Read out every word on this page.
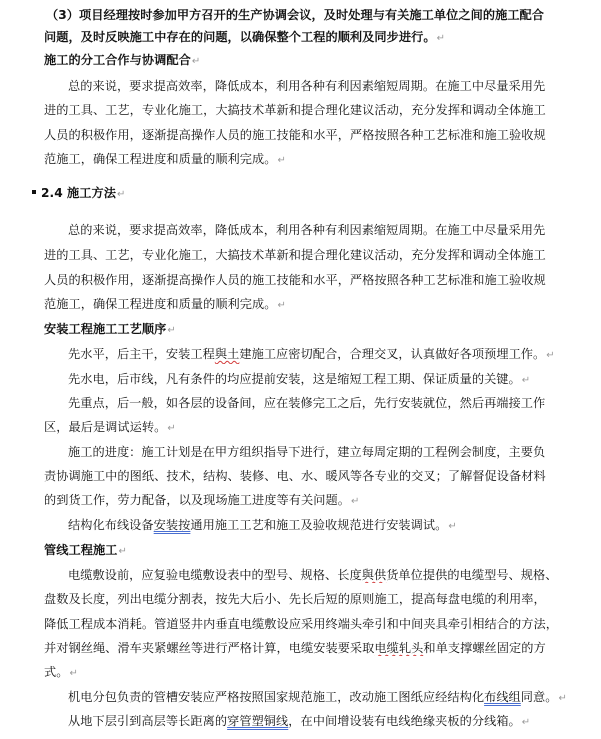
（3）项目经理按时参加甲方召开的生产协调会议，及时处理与有关施工单位之间的施工配合
问题，及时反映施工中存在的问题，以确保整个工程的顺利及同步进行。↵
施工的分工合作与协调配合↵
总的来说，要求提高效率，降低成本，利用各种有利因素缩短周期。在施工中尽量采用先
进的工具、工艺，专业化施工，大搞技术革新和提合理化建议活动，充分发挥和调动全体施工
人员的积极作用，逐渐提高操作人员的施工技能和水平，严格按照各种工艺标准和施工验收规
范施工，确保工程进度和质量的顺利完成。↵
2.4 施工方法↵
总的来说，要求提高效率，降低成本，利用各种有利因素缩短周期。在施工中尽量采用先
进的工具、工艺，专业化施工，大搞技术革新和提合理化建议活动，充分发挥和调动全体施工
人员的积极作用，逐渐提高操作人员的施工技能和水平，严格按照各种工艺标准和施工验收规
范施工，确保工程进度和质量的顺利完成。↵
安装工程施工工艺顺序↵
先水平，后主干，安装工程與土建施工应密切配合，合理交叉，认真做好各项预埋工作。↵
先水电，后市线，凡有条件的均应提前安装，这是缩短工程工期、保证质量的关键。↵
先重点，后一般，如各层的设备间，应在装修完工之后，先行安装就位，然后再端接工作
区，最后是调试运转。↵
施工的进度：施工计划是在甲方组织指导下进行，建立每周定期的工程例会制度，主要负
责协调施工中的图纸、技术，结构、装修、电、水、暖风等各专业的交叉；了解督促设备材料
的到货工作，劳力配备，以及现场施工进度等有关问题。↵
结构化布线设备安装按通用施工工艺和施工及验收规范进行安装调试。↵
管线工程施工↵
电缆敷设前，应复验电缆敷设表中的型号、规格、长度與供货单位提供的电缆型号、规格、
盘数及长度，列出电缆分割表，按先大后小、先长后短的原则施工，提高每盘电缆的利用率，
降低工程成本消耗。管道竖井内垂直电缆敷设应采用终端头牵引和中间夹具牵引相结合的方法，
并对钢丝绳、滑车夹紧螺丝等进行严格计算，电缆安装要采取电缆轧头和单支撑螺丝固定的方
式。↵
机电分包负责的管槽安装应严格按照国家规范施工，改动施工图纸应经结构化布线组同意。↵
从地下层引到高层等长距离的穿管塑铜线，在中间增设装有电线绝缘夹板的分线箱。↵
